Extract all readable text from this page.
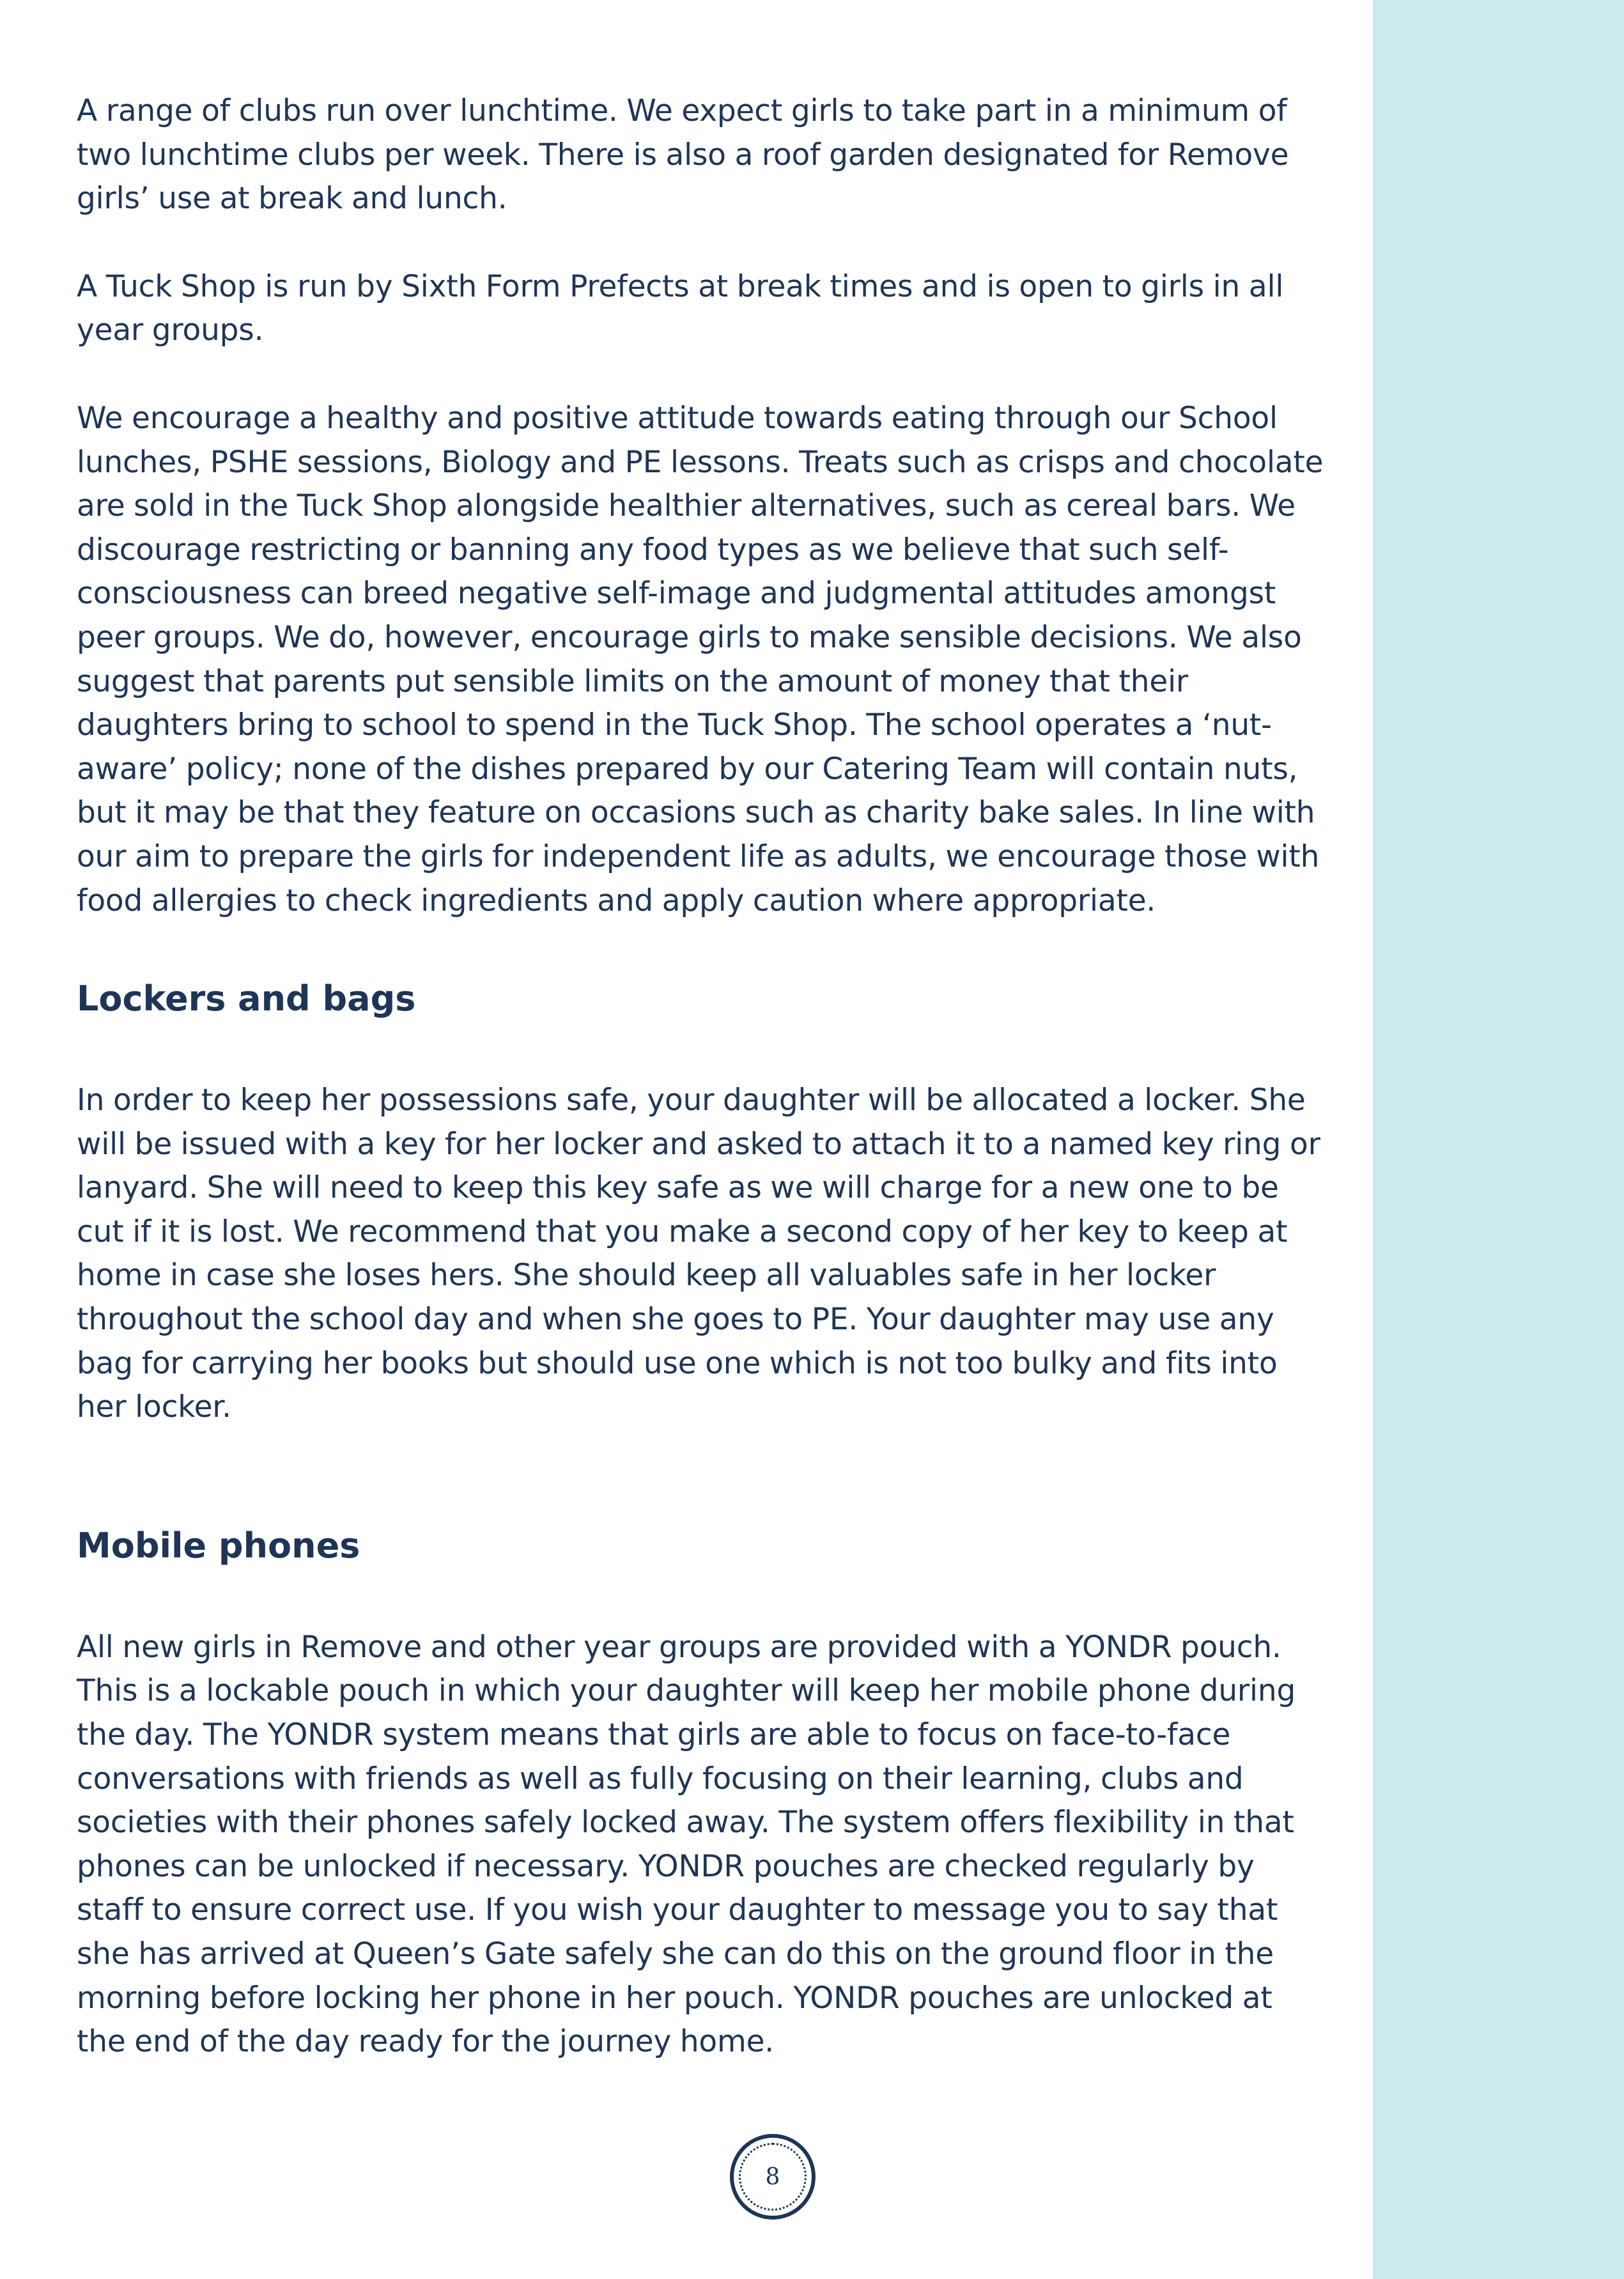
A range of clubs run over lunchtime. We expect girls to take part in a minimum of two lunchtime clubs per week. There is also a roof garden designated for Remove girls’ use at break and lunch.

A Tuck Shop is run by Sixth Form Prefects at break times and is open to girls in all year groups.

We encourage a healthy and positive attitude towards eating through our School lunches, PSHE sessions, Biology and PE lessons. Treats such as crisps and chocolate are sold in the Tuck Shop alongside healthier alternatives, such as cereal bars. We discourage restricting or banning any food types as we believe that such self-consciousness can breed negative self-image and judgmental attitudes amongst peer groups. We do, however, encourage girls to make sensible decisions. We also suggest that parents put sensible limits on the amount of money that their daughters bring to school to spend in the Tuck Shop. The school operates a ‘nut-aware’ policy; none of the dishes prepared by our Catering Team will contain nuts, but it may be that they feature on occasions such as charity bake sales. In line with our aim to prepare the girls for independent life as adults, we encourage those with food allergies to check ingredients and apply caution where appropriate.

Lockers and bags

In order to keep her possessions safe, your daughter will be allocated a locker. She will be issued with a key for her locker and asked to attach it to a named key ring or lanyard. She will need to keep this key safe as we will charge for a new one to be cut if it is lost. We recommend that you make a second copy of her key to keep at home in case she loses hers. She should keep all valuables safe in her locker throughout the school day and when she goes to PE. Your daughter may use any bag for carrying her books but should use one which is not too bulky and fits into her locker.

Mobile phones

All new girls in Remove and other year groups are provided with a YONDR pouch. This is a lockable pouch in which your daughter will keep her mobile phone during the day. The YONDR system means that girls are able to focus on face-to-face conversations with friends as well as fully focusing on their learning, clubs and societies with their phones safely locked away. The system offers flexibility in that phones can be unlocked if necessary. YONDR pouches are checked regularly by staff to ensure correct use. If you wish your daughter to message you to say that she has arrived at Queen’s Gate safely she can do this on the ground floor in the morning before locking her phone in her pouch. YONDR pouches are unlocked at the end of the day ready for the journey home.

8
